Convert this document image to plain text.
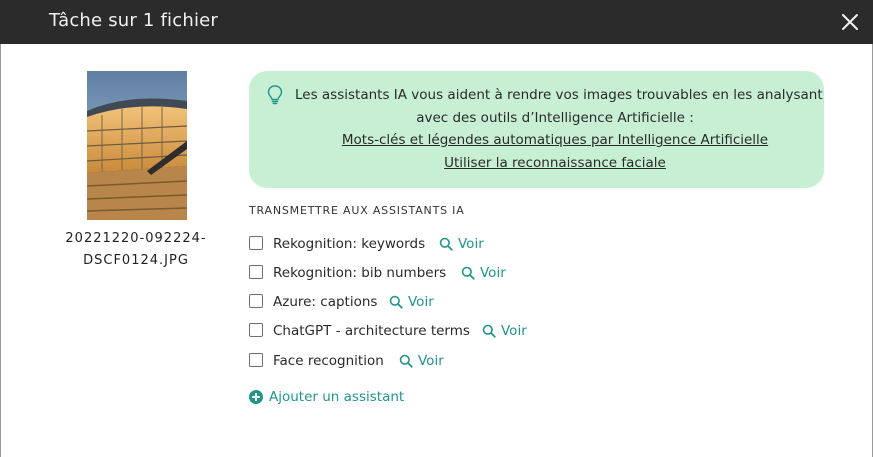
Tâche sur 1 fichier
20221220-092224-
DSCF0124.JPG
Les assistants IA vous aident à rendre vos images trouvables en les analysant
avec des outils d’Intelligence Artificielle :
Mots-clés et légendes automatiques par Intelligence Artificielle
Utiliser la reconnaissance faciale
TRANSMETTRE AUX ASSISTANTS IA
Rekognition: keywords Voir
Rekognition: bib numbers	Voir
Azure: captions Voir
ChatGPT - architecture terms Voir
Face recognition	Voir
Ajouter un assistant
